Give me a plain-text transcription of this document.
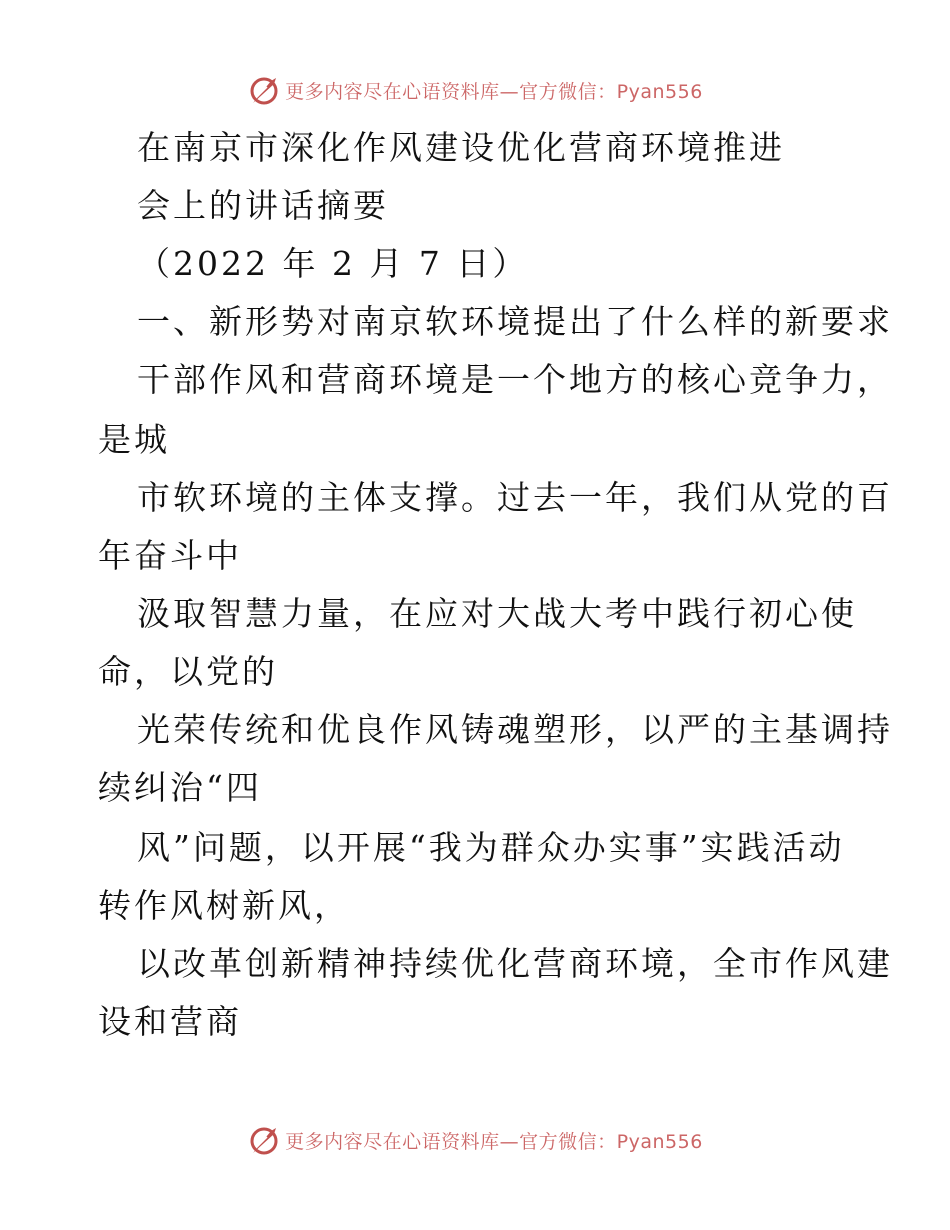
更多内容尽在心语资料库—官方微信：Pyan556
在南京市深化作风建设优化营商环境推进
会上的讲话摘要
（2022 年 2 月 7 日）
一、新形势对南京软环境提出了什么样的新要求
干部作风和营商环境是一个地方的核心竞争力，
是城
市软环境的主体支撑。过去一年，我们从党的百
年奋斗中
汲取智慧力量，在应对大战大考中践行初心使
命，以党的
光荣传统和优良作风铸魂塑形，以严的主基调持
续纠治“四
风”问题，以开展“我为群众办实事”实践活动
转作风树新风，
以改革创新精神持续优化营商环境，全市作风建
设和营商
更多内容尽在心语资料库—官方微信：Pyan556
